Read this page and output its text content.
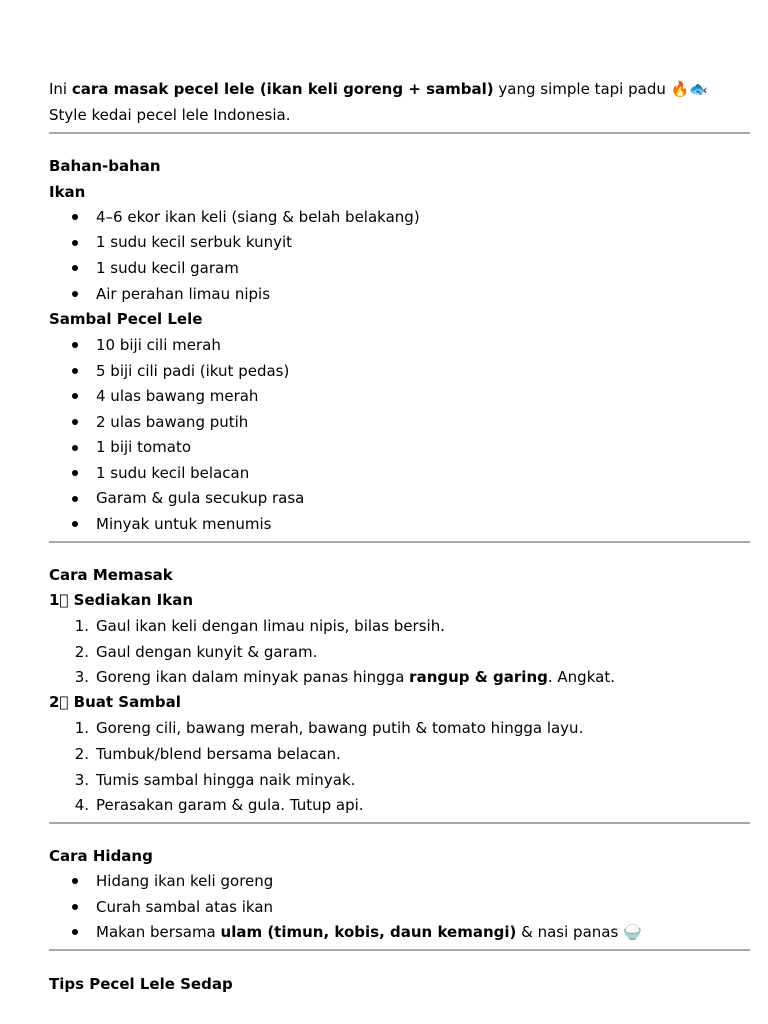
Ini cara masak pecel lele (ikan keli goreng + sambal) yang simple tapi padu 🔥🐟
Style kedai pecel lele Indonesia.
Bahan-bahan
Ikan
4–6 ekor ikan keli (siang & belah belakang)
1 sudu kecil serbuk kunyit
1 sudu kecil garam
Air perahan limau nipis
Sambal Pecel Lele
10 biji cili merah
5 biji cili padi (ikut pedas)
4 ulas bawang merah
2 ulas bawang putih
1 biji tomato
1 sudu kecil belacan
Garam & gula secukup rasa
Minyak untuk menumis
Cara Memasak
1⃣ Sediakan Ikan
1. Gaul ikan keli dengan limau nipis, bilas bersih.
2. Gaul dengan kunyit & garam.
3. Goreng ikan dalam minyak panas hingga rangup & garing. Angkat.
2⃣ Buat Sambal
1. Goreng cili, bawang merah, bawang putih & tomato hingga layu.
2. Tumbuk/blend bersama belacan.
3. Tumis sambal hingga naik minyak.
4. Perasakan garam & gula. Tutup api.
Cara Hidang
Hidang ikan keli goreng
Curah sambal atas ikan
Makan bersama ulam (timun, kobis, daun kemangi) & nasi panas 🍚
Tips Pecel Lele Sedap
